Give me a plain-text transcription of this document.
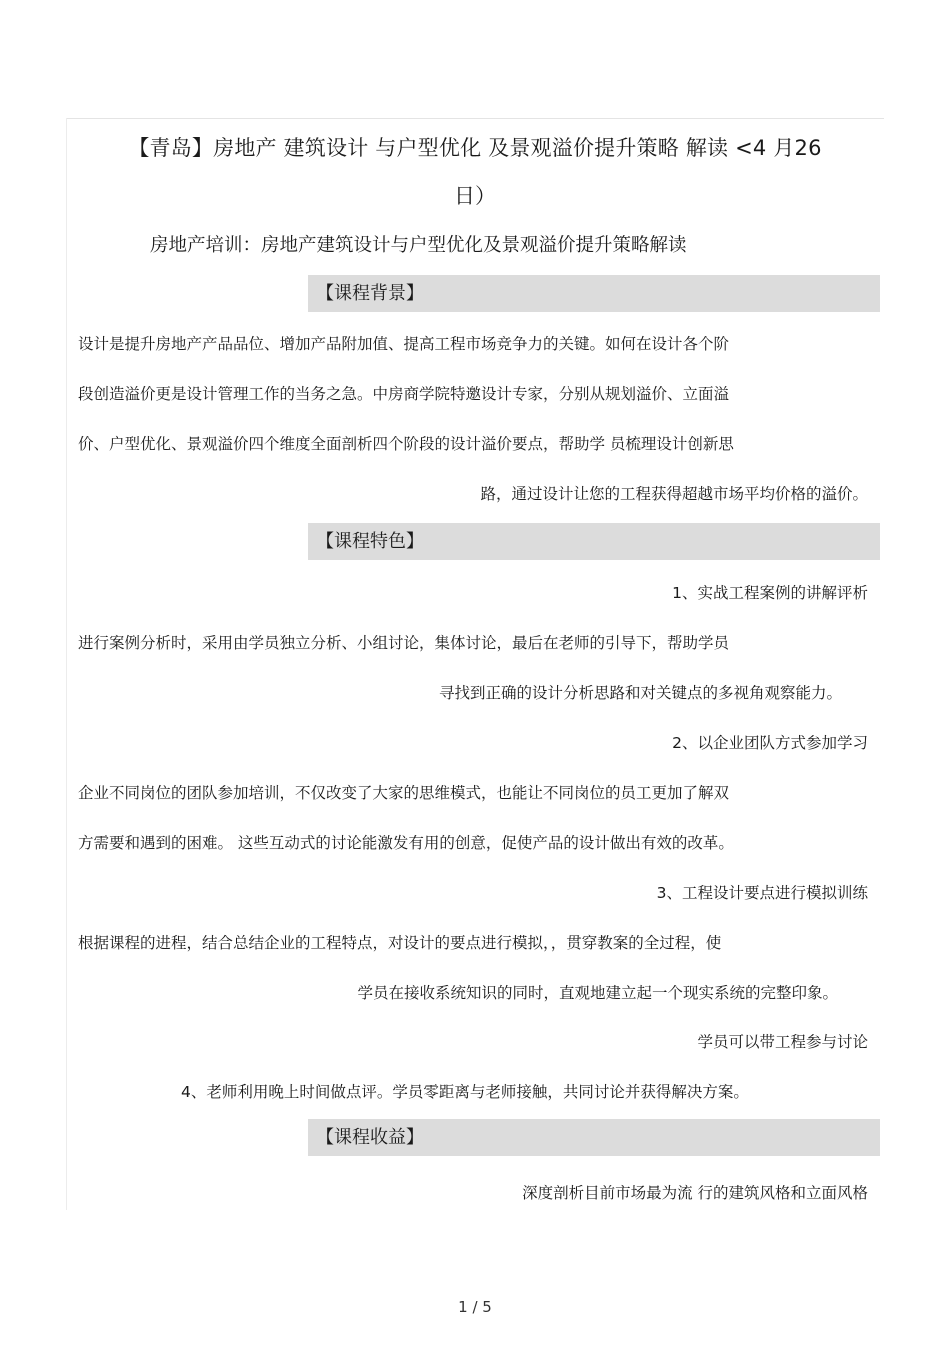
【青岛】房地产 建筑设计 与户型优化 及景观溢价提升策略 解读 <4 月26
日）
房地产培训：房地产建筑设计与户型优化及景观溢价提升策略解读
【课程背景】
设计是提升房地产产品品位、增加产品附加值、提高工程市场竞争力的关键。如何在设计各个阶
段创造溢价更是设计管理工作的当务之急。中房商学院特邀设计专家，分别从规划溢价、立面溢
价、户型优化、景观溢价四个维度全面剖析四个阶段的设计溢价要点，帮助学 员梳理设计创新思
路，通过设计让您的工程获得超越市场平均价格的溢价。
【课程特色】
1、实战工程案例的讲解评析
进行案例分析时，采用由学员独立分析、小组讨论，集体讨论，最后在老师的引导下，帮助学员
寻找到正确的设计分析思路和对关键点的多视角观察能力。
2、以企业团队方式参加学习
企业不同岗位的团队参加培训，不仅改变了大家的思维模式，也能让不同岗位的员工更加了解双
方需要和遇到的困难。 这些互动式的讨论能激发有用的创意，促使产品的设计做出有效的改革。
3、工程设计要点进行模拟训练
根据课程的进程，结合总结企业的工程特点，对设计的要点进行模拟，，贯穿教案的全过程，使
学员在接收系统知识的同时，直观地建立起一个现实系统的完整印象。
学员可以带工程参与讨论
4、老师利用晚上时间做点评。学员零距离与老师接触，共同讨论并获得解决方案。
【课程收益】
深度剖析目前市场最为流 行的建筑风格和立面风格
1 / 5
